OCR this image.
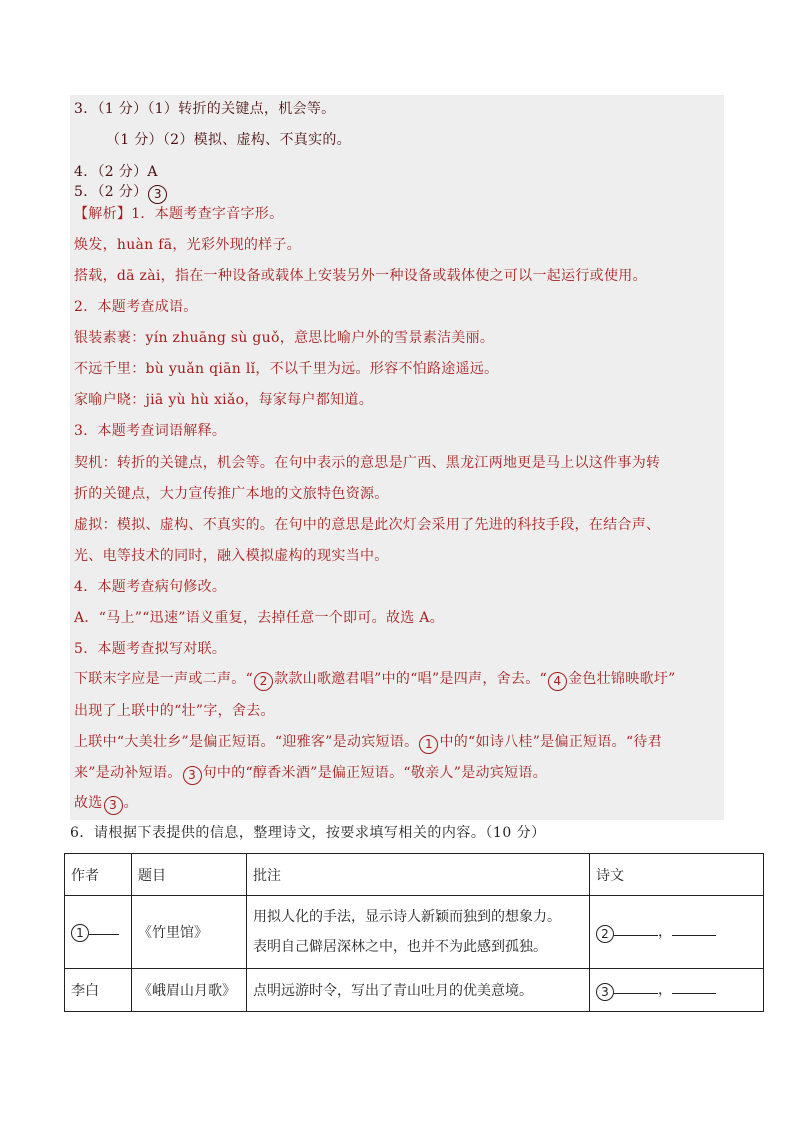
3．（1 分）（1）转折的关键点，机会等。
（1 分）（2）模拟、虚构、不真实的。
4．（2 分）A
5．（2 分） 3
【解析】1．本题考查字音字形。
焕发，huàn fā，光彩外现的样子。
搭载，dā zài，指在一种设备或载体上安装另外一种设备或载体使之可以一起运行或使用。
2．本题考查成语。
银装素裹：yín zhuāng sù guǒ，意思比喻户外的雪景素洁美丽。
不远千里：bù yuǎn qiān lǐ，不以千里为远。形容不怕路途遥远。
家喻户晓：jiā yù hù xiǎo，每家每户都知道。
3．本题考查词语解释。
契机：转折的关键点，机会等。在句中表示的意思是广西、黑龙江两地更是马上以这件事为转
折的关键点，大力宣传推广本地的文旅特色资源。
虚拟：模拟、虚构、不真实的。在句中的意思是此次灯会采用了先进的科技手段，在结合声、
光、电等技术的同时，融入模拟虚构的现实当中。
4．本题考查病句修改。
A．“马上”“迅速”语义重复，去掉任意一个即可。故选 A。
5．本题考查拟写对联。
下联末字应是一声或二声。“ 2 款款山歌邀君唱”中的“唱”是四声，舍去。“ 4 金色壮锦映歌圩”
出现了上联中的“壮”字，舍去。
上联中“大美壮乡”是偏正短语。“迎雅客”是动宾短语。 1 中的“如诗八桂”是偏正短语。“待君
来”是动补短语。 3 句中的“醇香米酒”是偏正短语。“敬亲人”是动宾短语。
故选 3 。
6．请根据下表提供的信息，整理诗文，按要求填写相关的内容。（10 分）
作者	题目	批注	诗文
1	《竹里馆》	用拟人化的手法，显示诗人新颖而独到的想象力。
表明自己僻居深林之中，也并不为此感到孤独。	2 ，
李白	《峨眉山月歌》	点明远游时令，写出了青山吐月的优美意境。	3 ，
